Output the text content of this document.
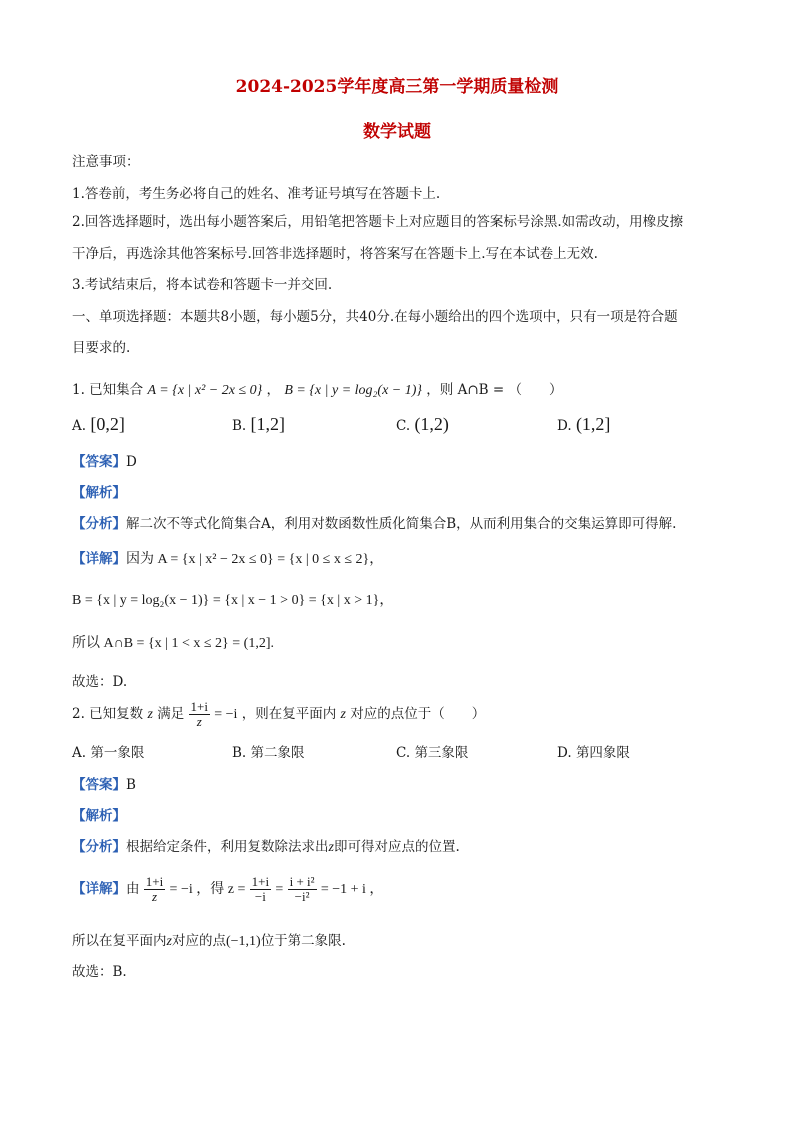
2024-2025学年度高三第一学期质量检测
数学试题
注意事项：
1.答卷前，考生务必将自己的姓名、准考证号填写在答题卡上.
2.回答选择题时，选出每小题答案后，用铅笔把答题卡上对应题目的答案标号涂黑.如需改动，用橡皮擦
干净后，再选涂其他答案标号.回答非选择题时，将答案写在答题卡上.写在本试卷上无效.
3.考试结束后，将本试卷和答题卡一并交回.
一、单项选择题：本题共8小题，每小题5分，共40分.在每小题给出的四个选项中，只有一项是符合题
目要求的.
1. 已知集合 A = {x | x² − 2x ≤ 0} ， B = {x | y = log₂(x − 1)} ，则 A∩B = （　　）
A. [0,2]	B. [1,2]	C. (1,2)	D. (1,2]
【答案】D
【解析】
【分析】解二次不等式化简集合A，利用对数函数性质化简集合B，从而利用集合的交集运算即可得解.
【详解】因为 A = {x | x² − 2x ≤ 0} = {x | 0 ≤ x ≤ 2}，
B = {x | y = log₂(x − 1)} = {x | x − 1 > 0} = {x | x > 1}，
所以 A∩B = {x | 1 < x ≤ 2} = (1,2].
故选：D.
2. 已知复数 z 满足 $\frac{1+i}{z} = -i$ ，则在复平面内 z 对应的点位于（　　）
A. 第一象限	B. 第二象限	C. 第三象限	D. 第四象限
【答案】B
【解析】
【分析】根据给定条件，利用复数除法求出z即可得对应点的位置.
【详解】由 $\frac{1+i}{z} = -i$ ，得 $z = \frac{1+i}{-i} = \frac{\text{i + i²}}{\text{−i²}} = -1 + i$ ，
所以在复平面内z对应的点(−1,1)位于第二象限.
故选：B.
